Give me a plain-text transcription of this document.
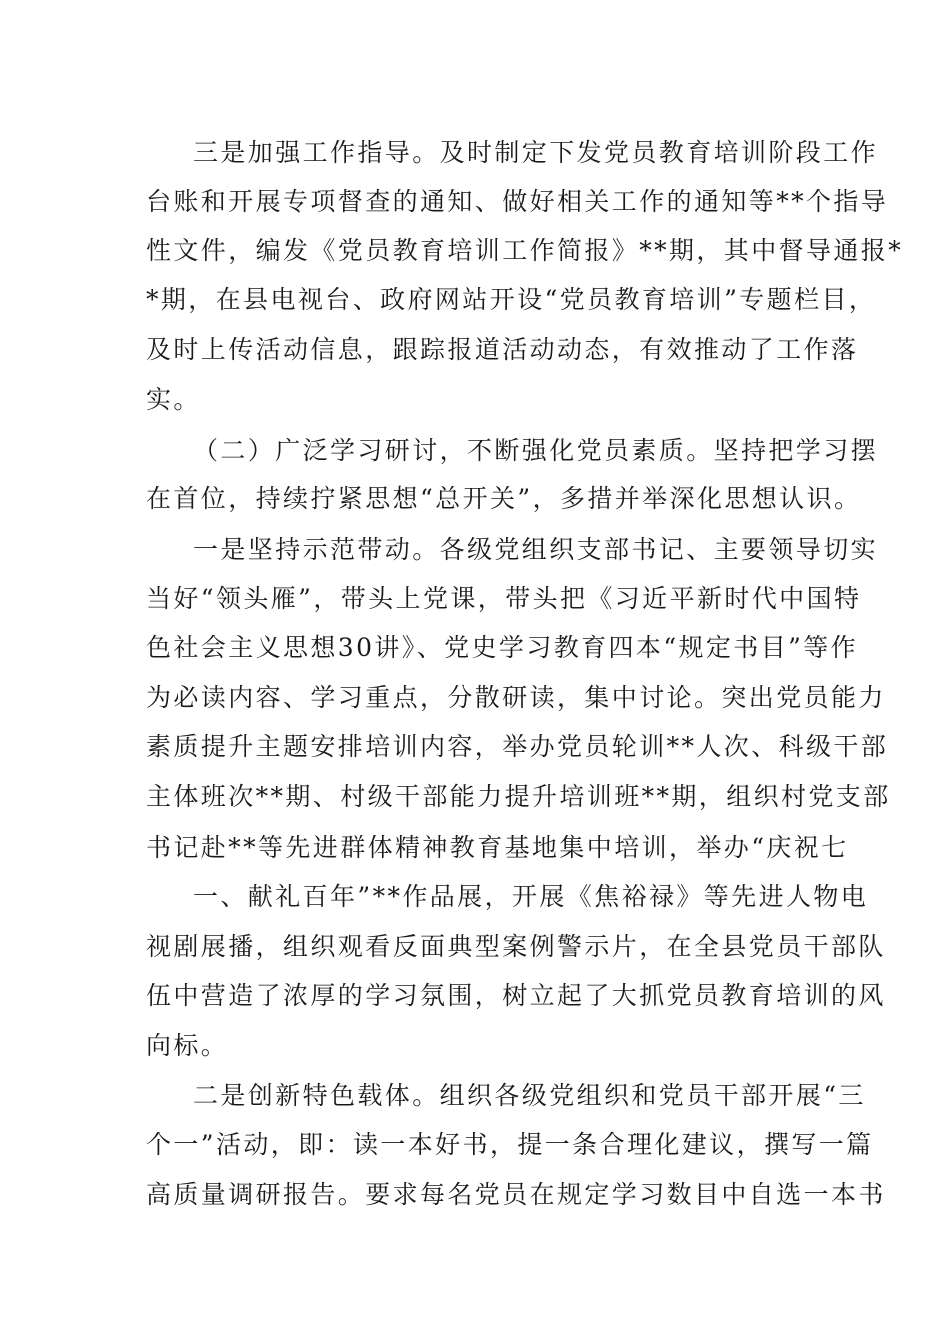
三是加强工作指导。及时制定下发党员教育培训阶段工作
台账和开展专项督查的通知、做好相关工作的通知等**个指导
性文件，编发《党员教育培训工作简报》**期，其中督导通报*
*期，在县电视台、政府网站开设“党员教育培训”专题栏目，
及时上传活动信息，跟踪报道活动动态，有效推动了工作落
实。
（二）广泛学习研讨，不断强化党员素质。坚持把学习摆
在首位，持续拧紧思想“总开关”，多措并举深化思想认识。
一是坚持示范带动。各级党组织支部书记、主要领导切实
当好“领头雁”，带头上党课，带头把《习近平新时代中国特
色社会主义思想30讲》、党史学习教育四本“规定书目”等作
为必读内容、学习重点，分散研读，集中讨论。突出党员能力
素质提升主题安排培训内容，举办党员轮训**人次、科级干部
主体班次**期、村级干部能力提升培训班**期，组织村党支部
书记赴**等先进群体精神教育基地集中培训，举办“庆祝七
一、献礼百年”**作品展，开展《焦裕禄》等先进人物电
视剧展播，组织观看反面典型案例警示片，在全县党员干部队
伍中营造了浓厚的学习氛围，树立起了大抓党员教育培训的风
向标。
二是创新特色载体。组织各级党组织和党员干部开展“三
个一”活动，即：读一本好书，提一条合理化建议，撰写一篇
高质量调研报告。要求每名党员在规定学习数目中自选一本书
